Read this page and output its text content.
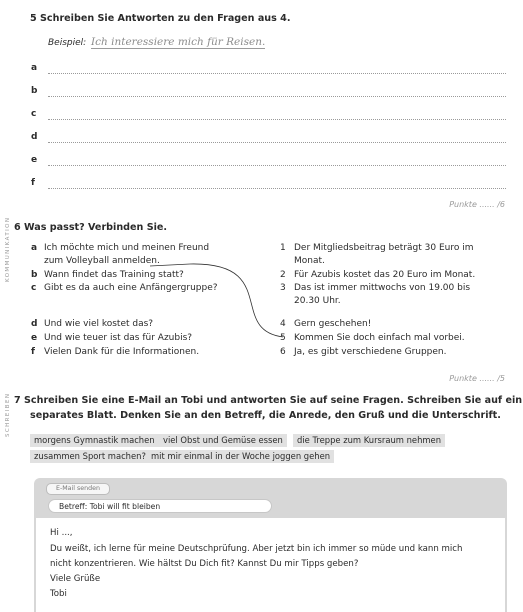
5 Schreiben Sie Antworten zu den Fragen aus 4.
Beispiel: Ich interessiere mich für Reisen.
a
b
c
d
e
f
Punkte ...... /6
KOMMUNIKATION 6 Was passt? Verbinden Sie.
a Ich möchte mich und meinen Freund
zum Volleyball anmelden.
b Wann findet das Training statt?
c Gibt es da auch eine Anfängergruppe?
d Und wie viel kostet das?
e Und wie teuer ist das für Azubis?
f Vielen Dank für die Informationen.
1 Der Mitgliedsbeitrag beträgt 30 Euro im
Monat.
2 Für Azubis kostet das 20 Euro im Monat.
3 Das ist immer mittwochs von 19.00 bis
20.30 Uhr.
4 Gern geschehen!
5 Kommen Sie doch einfach mal vorbei.
6 Ja, es gibt verschiedene Gruppen.
Punkte ...... /5
SCHREIBEN 7 Schreiben Sie eine E-Mail an Tobi und antworten Sie auf seine Fragen. Schreiben Sie auf ein
separates Blatt. Denken Sie an den Betreff, die Anrede, den Gruß und die Unterschrift.
morgens Gymnastik machen	viel Obst und Gemüse essen	die Treppe zum Kursraum nehmen
zusammen Sport machen? mit mir einmal in der Woche joggen gehen
E-Mail senden
Betreff: Tobi will fit bleiben
Hi ...,
Du weißt, ich lerne für meine Deutschprüfung. Aber jetzt bin ich immer so müde und kann mich
nicht konzentrieren. Wie hältst Du Dich fit? Kannst Du mir Tipps geben?
Viele Grüße
Tobi
